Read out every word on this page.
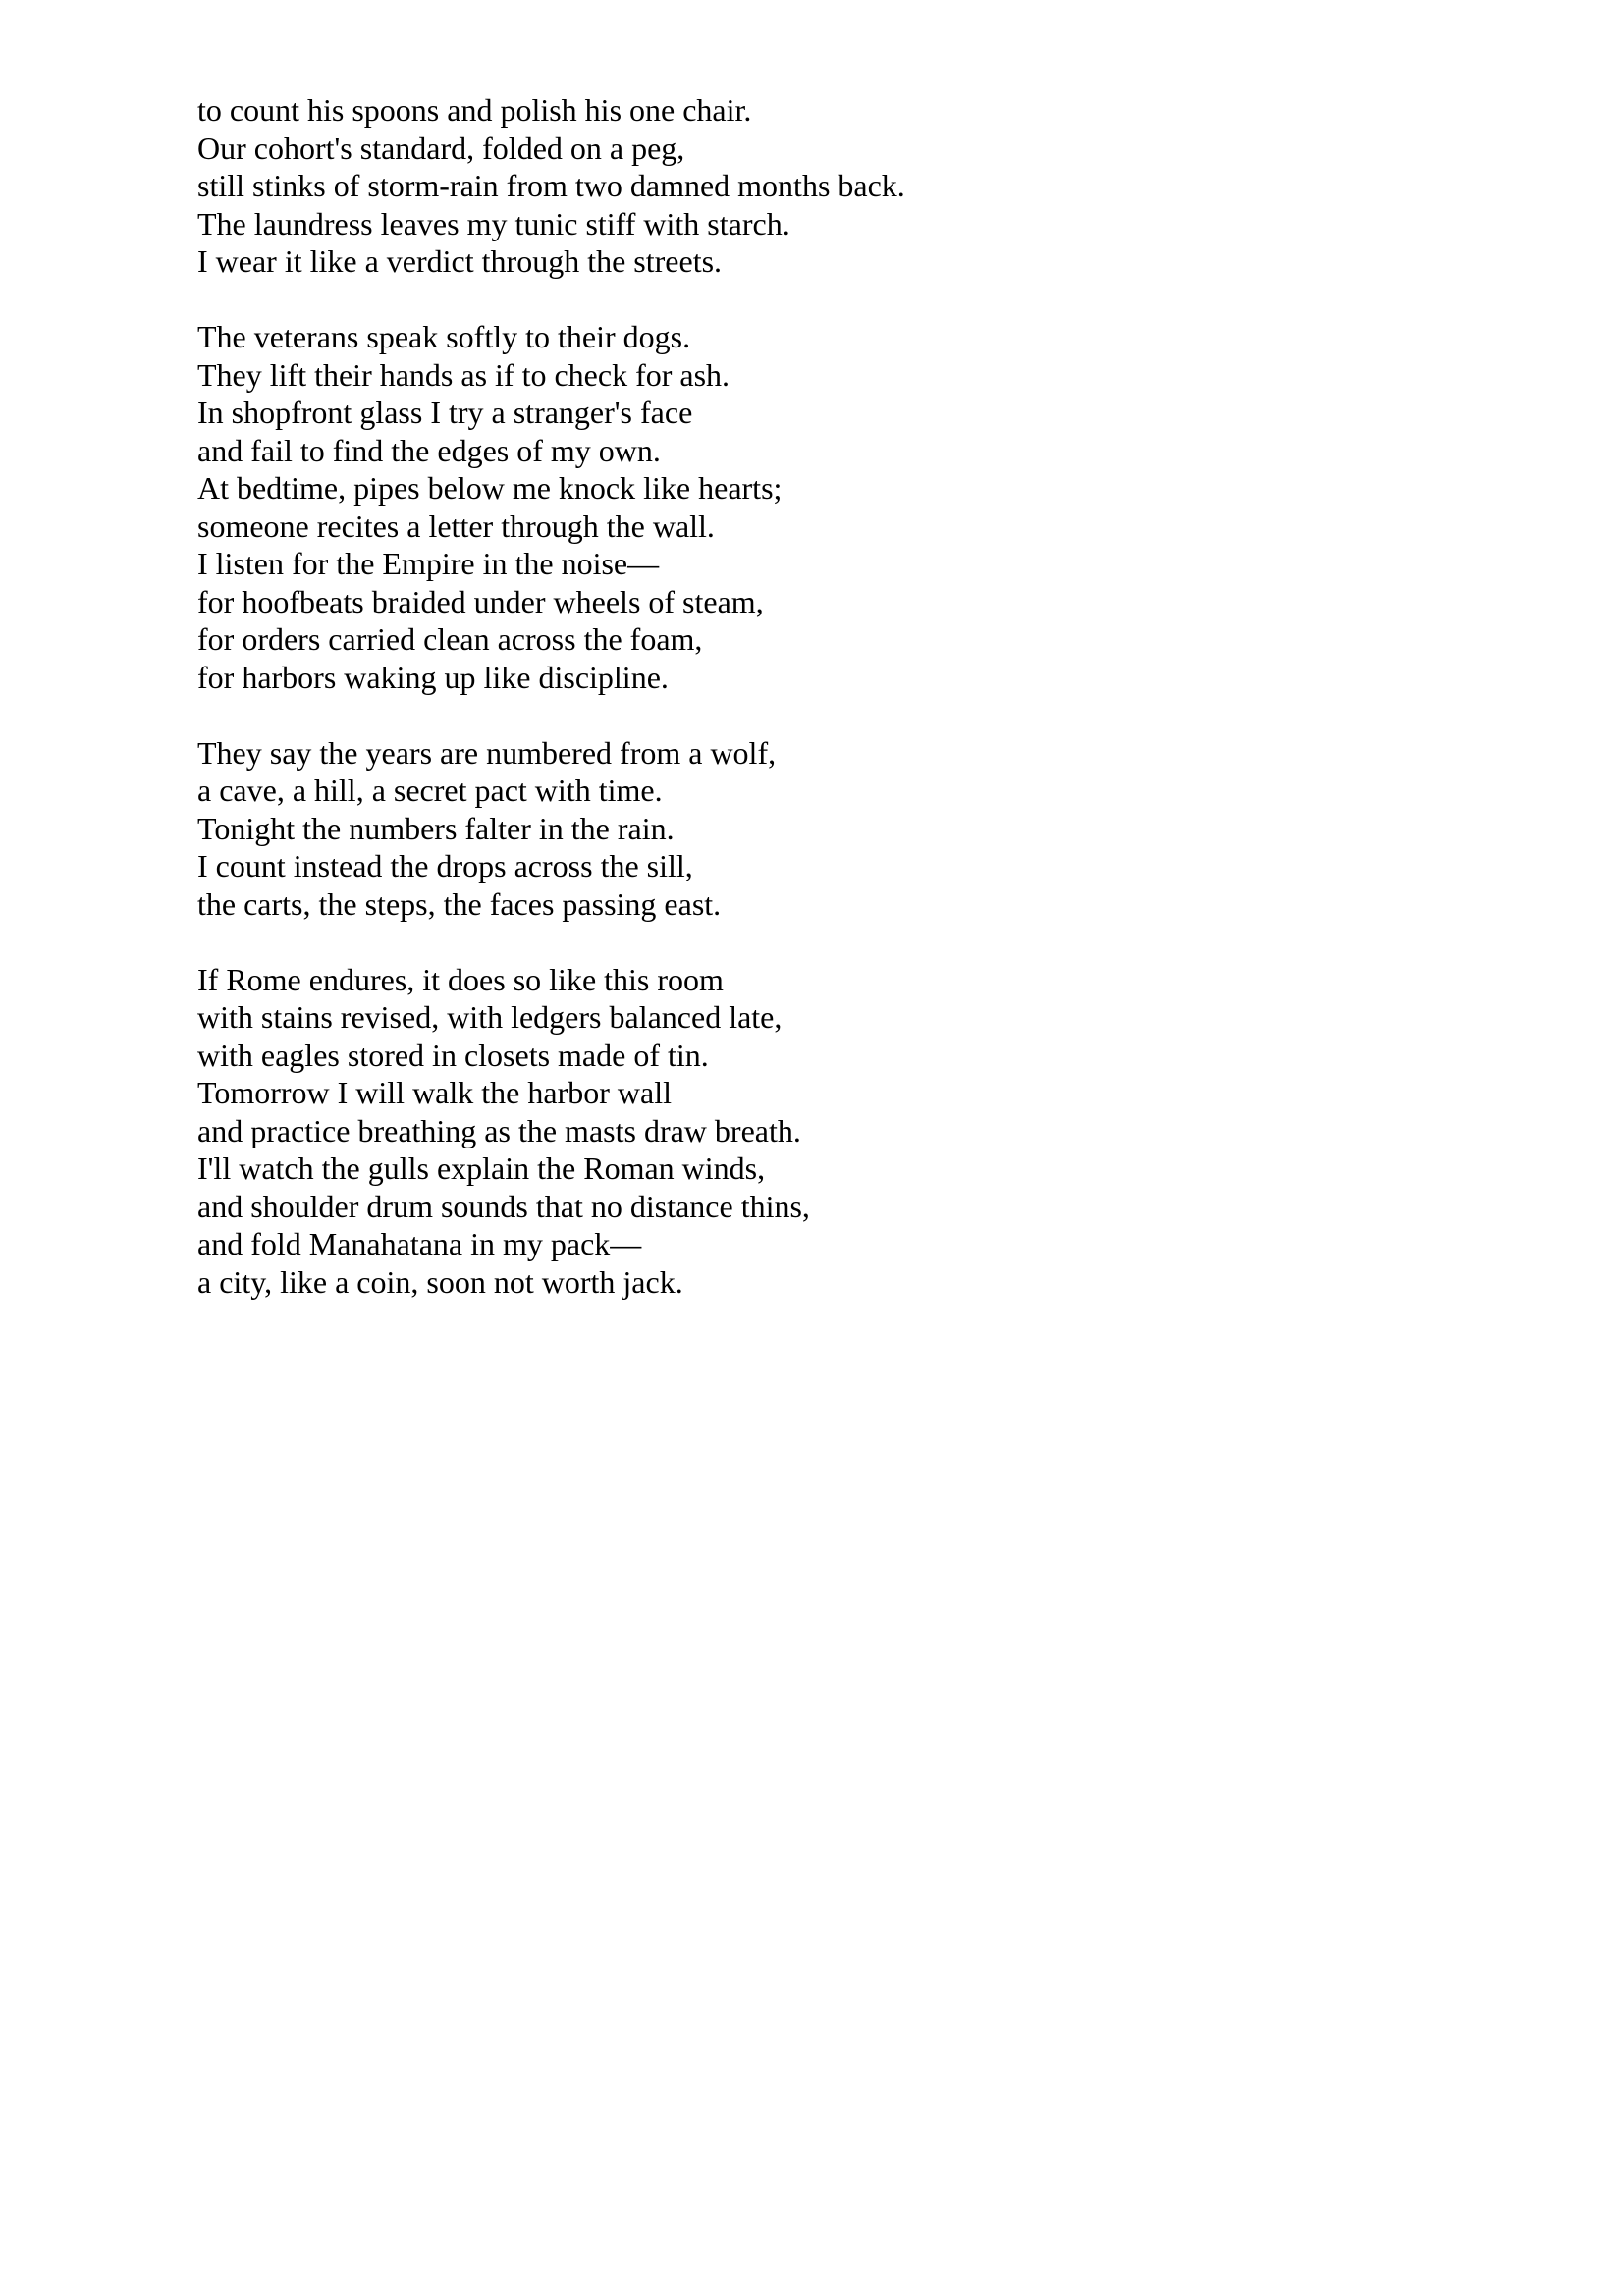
to count his spoons and polish his one chair.
Our cohort's standard, folded on a peg,
still stinks of storm-rain from two damned months back.
The laundress leaves my tunic stiff with starch.
I wear it like a verdict through the streets.
The veterans speak softly to their dogs.
They lift their hands as if to check for ash.
In shopfront glass I try a stranger's face
and fail to find the edges of my own.
At bedtime, pipes below me knock like hearts;
someone recites a letter through the wall.
I listen for the Empire in the noise—
for hoofbeats braided under wheels of steam,
for orders carried clean across the foam,
for harbors waking up like discipline.
They say the years are numbered from a wolf,
a cave, a hill, a secret pact with time.
Tonight the numbers falter in the rain.
I count instead the drops across the sill,
the carts, the steps, the faces passing east.
If Rome endures, it does so like this room
with stains revised, with ledgers balanced late,
with eagles stored in closets made of tin.
Tomorrow I will walk the harbor wall
and practice breathing as the masts draw breath.
I'll watch the gulls explain the Roman winds,
and shoulder drum sounds that no distance thins,
and fold Manahatana in my pack—
a city, like a coin, soon not worth jack.
